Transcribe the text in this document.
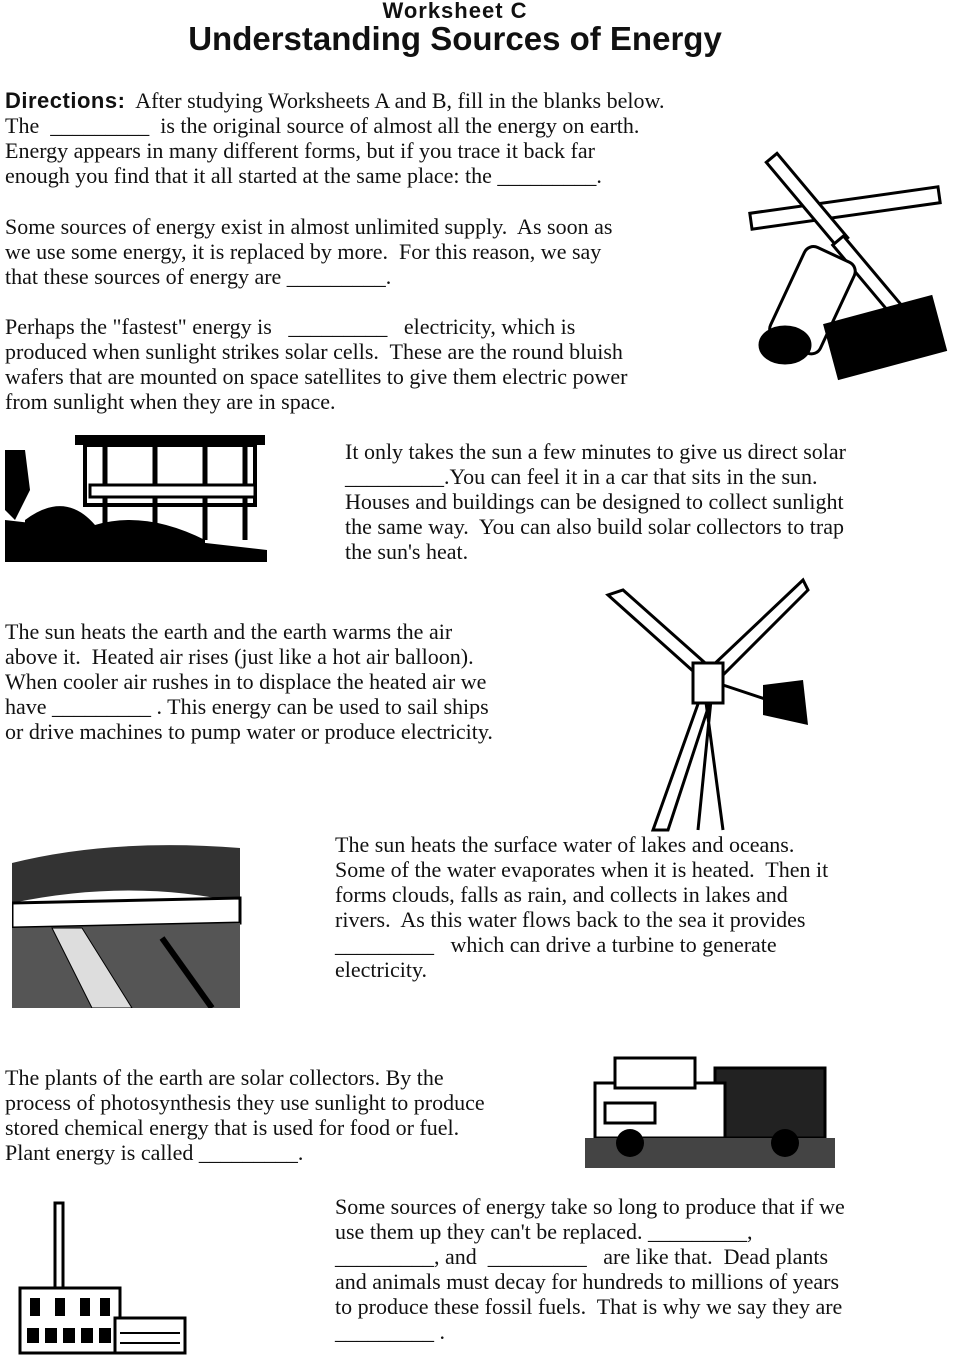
Worksheet C
Understanding Sources of Energy
Directions: After studying Worksheets A and B, fill in the blanks below.
The  _________  is the original source of almost all the energy on earth.
Energy appears in many different forms, but if you trace it back far
enough you find that it all started at the same place: the _________.
Some sources of energy exist in almost unlimited supply.  As soon as
we use some energy, it is replaced by more.  For this reason, we say
that these sources of energy are _________.
Perhaps the "fastest" energy is   _________   electricity, which is
produced when sunlight strikes solar cells.  These are the round bluish
wafers that are mounted on space satellites to give them electric power
from sunlight when they are in space.
It only takes the sun a few minutes to give us direct solar
_________.You can feel it in a car that sits in the sun.
Houses and buildings can be designed to collect sunlight
the same way.  You can also build solar collectors to trap
the sun's heat.
The sun heats the earth and the earth warms the air
above it.  Heated air rises (just like a hot air balloon).
When cooler air rushes in to displace the heated air we
have _________ . This energy can be used to sail ships
or drive machines to pump water or produce electricity.
The sun heats the surface water of lakes and oceans.
Some of the water evaporates when it is heated.  Then it
forms clouds, falls as rain, and collects in lakes and
rivers.  As this water flows back to the sea it provides
_________   which can drive a turbine to generate
electricity.
The plants of the earth are solar collectors. By the
process of photosynthesis they use sunlight to produce
stored chemical energy that is used for food or fuel.
Plant energy is called _________.
Some sources of energy take so long to produce that if we
use them up they can't be replaced. _________,
_________, and  _________   are like that.  Dead plants
and animals must decay for hundreds to millions of years
to produce these fossil fuels.  That is why we say they are
_________ .
